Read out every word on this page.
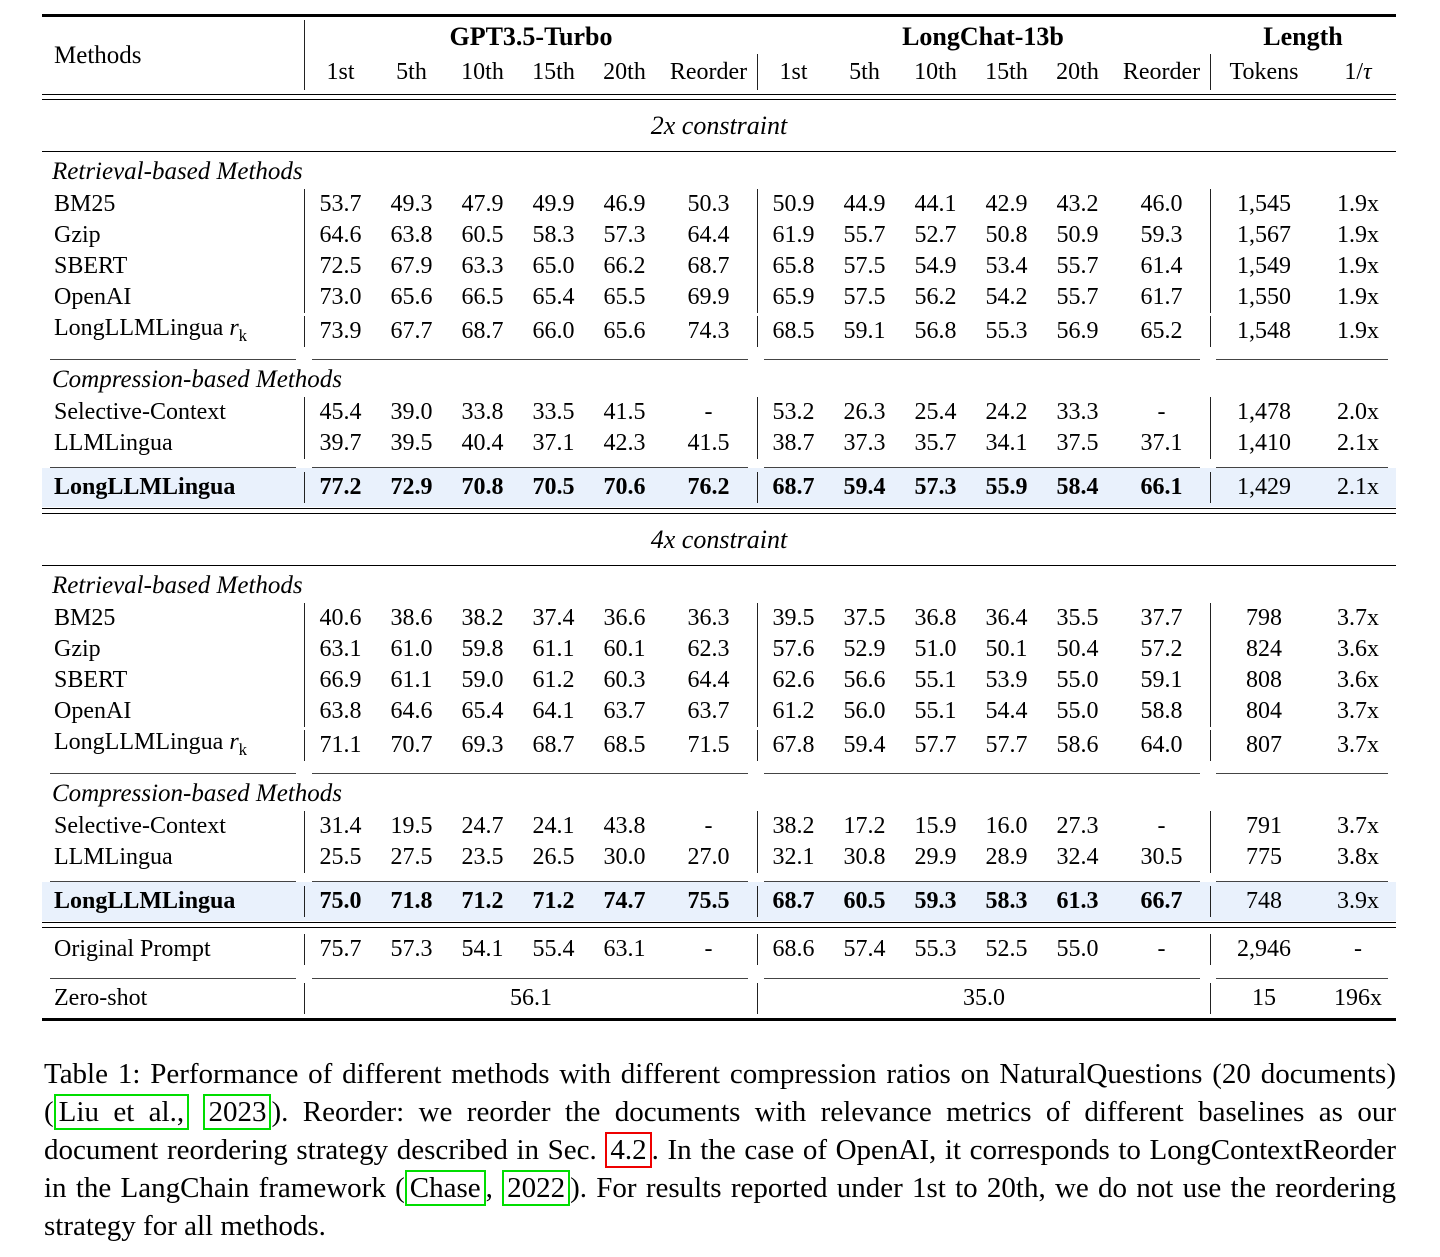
Methods
GPT3.5-Turbo	LongChat-13b	Length
1st	5th	10th	15th	20th	Reorder	1st	5th	10th	15th	20th	Reorder	Tokens	1/τ
2x constraint
Retrieval-based Methods
BM25	53.7	49.3	47.9	49.9	46.9	50.3	50.9	44.9	44.1	42.9	43.2	46.0	1,545	1.9x
Gzip	64.6	63.8	60.5	58.3	57.3	64.4	61.9	55.7	52.7	50.8	50.9	59.3	1,567	1.9x
SBERT	72.5	67.9	63.3	65.0	66.2	68.7	65.8	57.5	54.9	53.4	55.7	61.4	1,549	1.9x
OpenAI	73.0	65.6	66.5	65.4	65.5	69.9	65.9	57.5	56.2	54.2	55.7	61.7	1,550	1.9x
LongLLMLingua $r_k$	73.9	67.7	68.7	66.0	65.6	74.3	68.5	59.1	56.8	55.3	56.9	65.2	1,548	1.9x
Compression-based Methods
Selective-Context	45.4	39.0	33.8	33.5	41.5	-	53.2	26.3	25.4	24.2	33.3	-	1,478	2.0x
LLMLingua	39.7	39.5	40.4	37.1	42.3	41.5	38.7	37.3	35.7	34.1	37.5	37.1	1,410	2.1x
LongLLMLingua	77.2	72.9	70.8	70.5	70.6	76.2	68.7	59.4	57.3	55.9	58.4	66.1	1,429	2.1x
4x constraint
Retrieval-based Methods
BM25	40.6	38.6	38.2	37.4	36.6	36.3	39.5	37.5	36.8	36.4	35.5	37.7	798	3.7x
Gzip	63.1	61.0	59.8	61.1	60.1	62.3	57.6	52.9	51.0	50.1	50.4	57.2	824	3.6x
SBERT	66.9	61.1	59.0	61.2	60.3	64.4	62.6	56.6	55.1	53.9	55.0	59.1	808	3.6x
OpenAI	63.8	64.6	65.4	64.1	63.7	63.7	61.2	56.0	55.1	54.4	55.0	58.8	804	3.7x
LongLLMLingua $r_k$	71.1	70.7	69.3	68.7	68.5	71.5	67.8	59.4	57.7	57.7	58.6	64.0	807	3.7x
Compression-based Methods
Selective-Context	31.4	19.5	24.7	24.1	43.8	-	38.2	17.2	15.9	16.0	27.3	-	791	3.7x
LLMLingua	25.5	27.5	23.5	26.5	30.0	27.0	32.1	30.8	29.9	28.9	32.4	30.5	775	3.8x
LongLLMLingua	75.0	71.8	71.2	71.2	74.7	75.5	68.7	60.5	59.3	58.3	61.3	66.7	748	3.9x
Original Prompt	75.7	57.3	54.1	55.4	63.1	-	68.6	57.4	55.3	52.5	55.0	-	2,946	-
Zero-shot	56.1	35.0	15	196x

Table 1: Performance of different methods with different compression ratios on NaturalQuestions (20 documents) ( Liu et al., 2023 ). Reorder: we reorder the documents with relevance metrics of different baselines as our document reordering strategy described in Sec. 4.2 . In the case of OpenAI, it corresponds to LongContextReorder in the LangChain framework ( Chase , 2022 ). For results reported under 1st to 20th, we do not use the reordering strategy for all methods.
